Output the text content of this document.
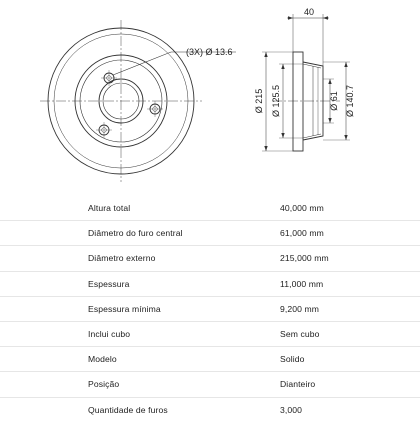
(3X) Ø 13.6
40
Ø 215 Ø 125.5	Ø 61 Ø 140.7
Altura total	40,000 mm
Diâmetro do furo central	61,000 mm
Diâmetro externo	215,000 mm
Espessura	11,000 mm
Espessura mínima	9,200 mm
Inclui cubo	Sem cubo
Modelo	Solido
Posição	Dianteiro
Quantidade de furos	3,000
